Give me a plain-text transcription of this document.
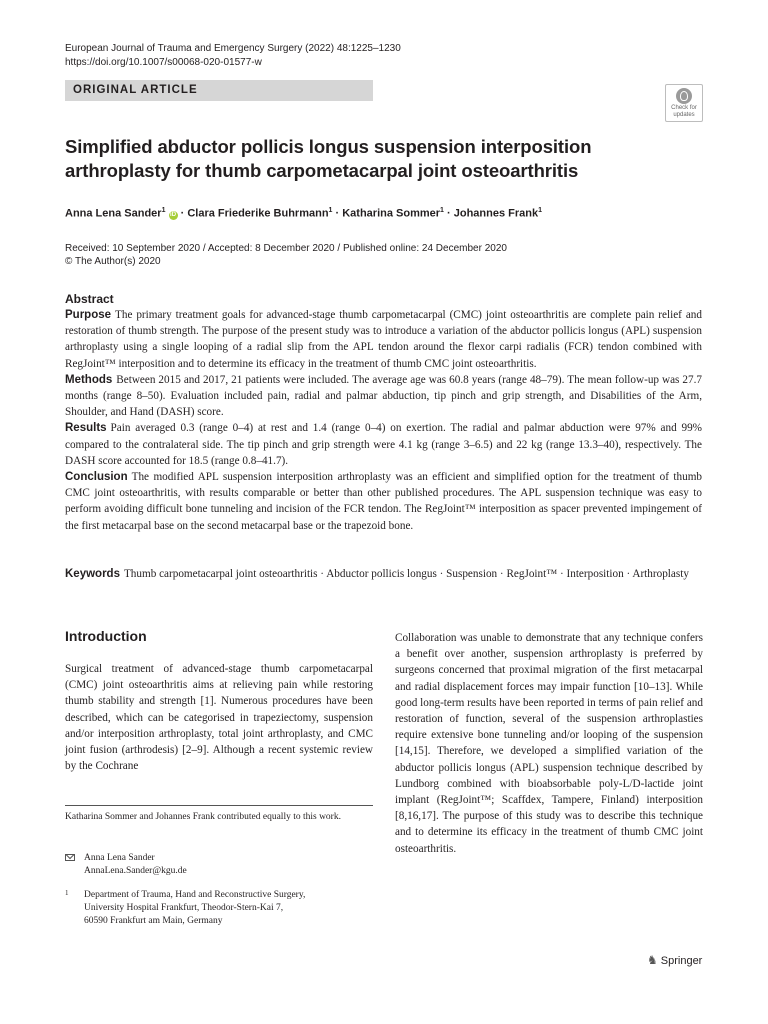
European Journal of Trauma and Emergency Surgery (2022) 48:1225–1230
https://doi.org/10.1007/s00068-020-01577-w
ORIGINAL ARTICLE
Check for updates
Simplified abductor pollicis longus suspension interposition arthroplasty for thumb carpometacarpal joint osteoarthritis
Anna Lena Sander$^1$ iD · Clara Friederike Buhrmann$^1$ · Katharina Sommer$^1$ · Johannes Frank$^1$
Received: 10 September 2020 / Accepted: 8 December 2020 / Published online: 24 December 2020
© The Author(s) 2020
Abstract

Purpose The primary treatment goals for advanced-stage thumb carpometacarpal (CMC) joint osteoarthritis are complete pain relief and restoration of thumb strength. The purpose of the present study was to introduce a variation of the abductor pollicis longus (APL) suspension arthroplasty using a single looping of a radial slip from the APL tendon around the flexor carpi radialis (FCR) tendon combined with RegJoint™ interposition and to determine its efficacy in the treatment of thumb CMC joint osteoarthritis.

Methods Between 2015 and 2017, 21 patients were included. The average age was 60.8 years (range 48–79). The mean follow-up was 27.7 months (range 8–50). Evaluation included pain, radial and palmar abduction, tip pinch and grip strength, and Disabilities of the Arm, Shoulder, and Hand (DASH) score.

Results Pain averaged 0.3 (range 0–4) at rest and 1.4 (range 0–4) on exertion. The radial and palmar abduction were 97% and 99% compared to the contralateral side. The tip pinch and grip strength were 4.1 kg (range 3–6.5) and 22 kg (range 13.3–40), respectively. The DASH score accounted for 18.5 (range 0.8–41.7).

Conclusion The modified APL suspension interposition arthroplasty was an efficient and simplified option for the treatment of thumb CMC joint osteoarthritis, with results comparable or better than other published procedures. The APL suspension technique was easy to perform avoiding difficult bone tunneling and incision of the FCR tendon. The RegJoint™ interposition as spacer prevented impingement of the first metacarpal base on the second metacarpal base or the trapezoid bone.

Keywords Thumb carpometacarpal joint osteoarthritis · Abductor pollicis longus · Suspension · RegJoint™ · Interposition · Arthroplasty
Introduction
Surgical treatment of advanced-stage thumb carpometacarpal (CMC) joint osteoarthritis aims at relieving pain while restoring thumb stability and strength [1]. Numerous procedures have been described, which can be categorised in trapeziectomy, suspension and/or interposition arthroplasty, total joint arthroplasty, and CMC joint fusion (arthrodesis) [2–9]. Although a recent systemic review by the Cochrane
Collaboration was unable to demonstrate that any technique confers a benefit over another, suspension arthroplasty is preferred by surgeons concerned that proximal migration of the first metacarpal and radial displacement forces may impair function [10–13]. While good long-term results have been reported in terms of pain relief and restoration of function, several of the suspension arthroplasties require extensive bone tunneling and/or looping of the suspension [14,15]. Therefore, we developed a simplified variation of the abductor pollicis longus (APL) suspension technique described by Lundborg combined with bioabsorbable poly-L/D-lactide joint implant (RegJoint™; Scaffdex, Tampere, Finland) interposition [8,16,17]. The purpose of this study was to describe this technique and to determine its efficacy in the treatment of thumb CMC joint osteoarthritis.
Katharina Sommer and Johannes Frank contributed equally to this work.
Anna Lena Sander
AnnaLena.Sander@kgu.de
1 Department of Trauma, Hand and Reconstructive Surgery,
University Hospital Frankfurt, Theodor-Stern-Kai 7,
60590 Frankfurt am Main, Germany
♞ Springer
